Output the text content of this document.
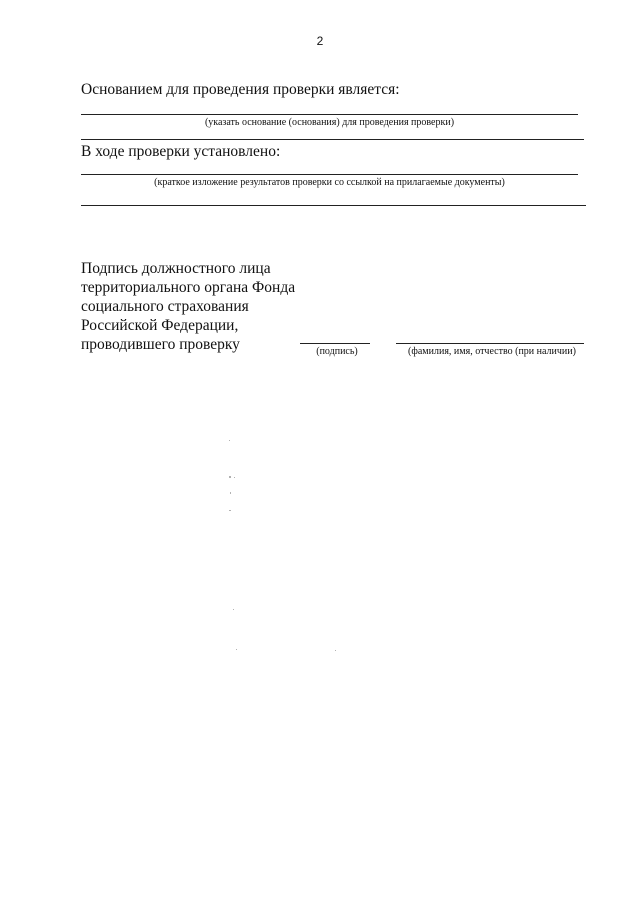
2
Основанием для проведения проверки является:
(указать основание (основания) для проведения проверки)
В ходе проверки установлено:
(краткое изложение результатов проверки со ссылкой на прилагаемые документы)
Подпись должностного лица
территориального органа Фонда
социального страхования
Российской Федерации,
проводившего проверку	(подпись)	(фамилия, имя, отчество (при наличии)
